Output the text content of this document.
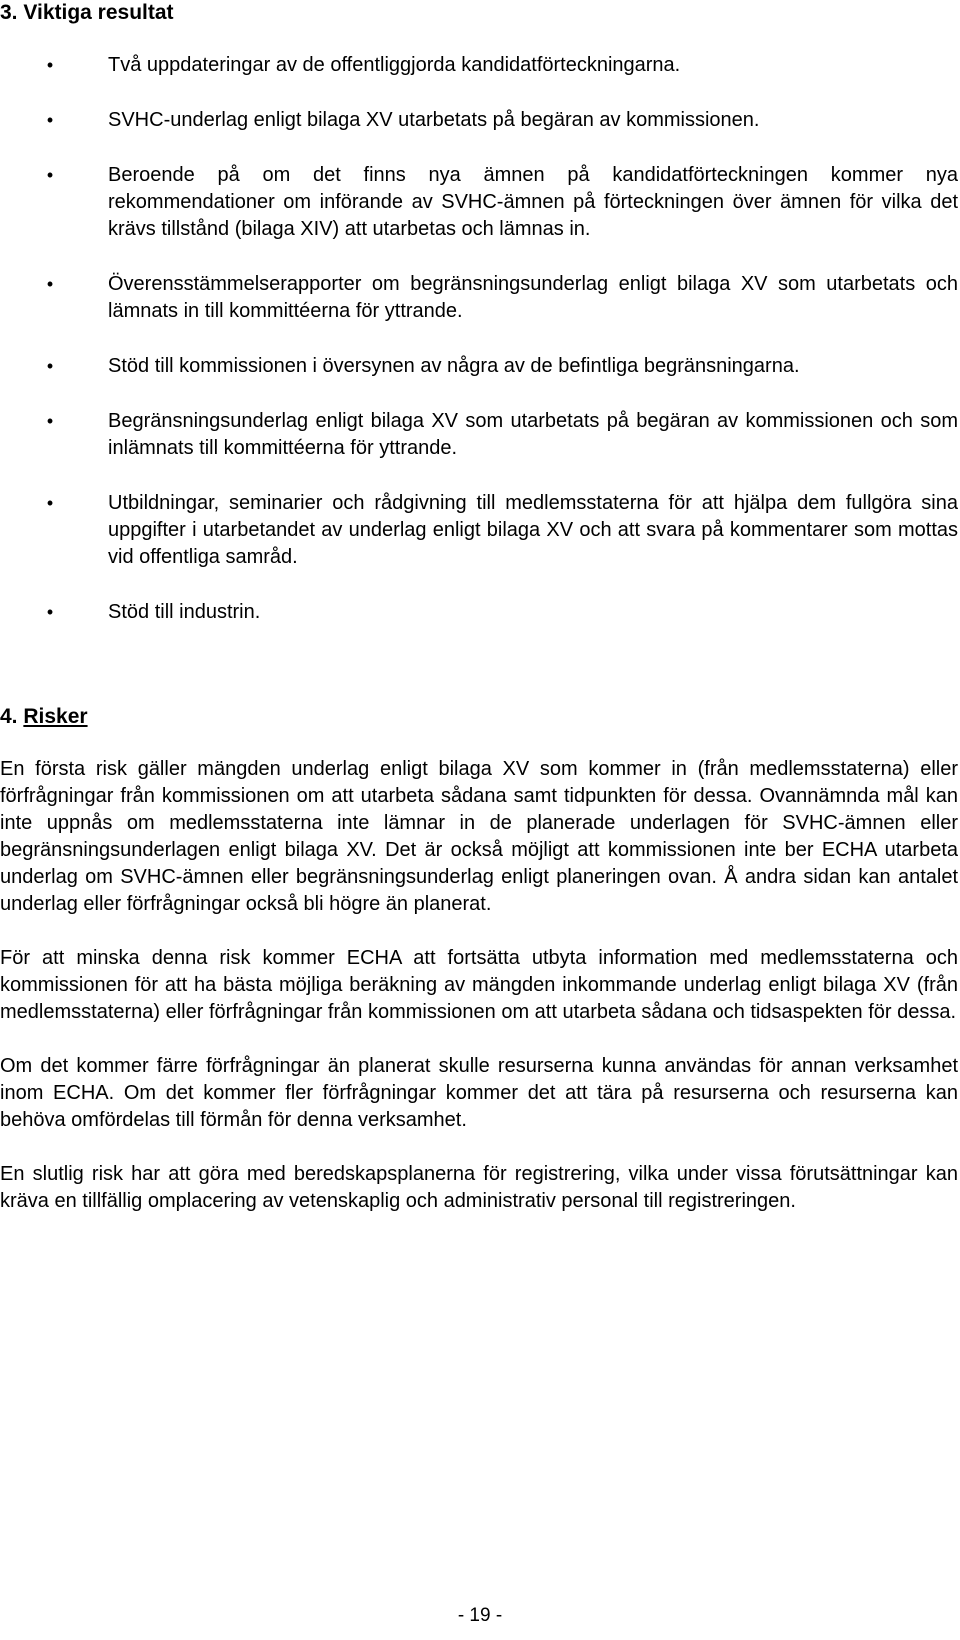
3. Viktiga resultat
•	Två uppdateringar av de offentliggjorda kandidatförteckningarna.
•	SVHC-underlag enligt bilaga XV utarbetats på begäran av kommissionen.
•	Beroende på om det finns nya ämnen på kandidatförteckningen kommer nya rekommendationer om införande av SVHC-ämnen på förteckningen över ämnen för vilka det krävs tillstånd (bilaga XIV) att utarbetas och lämnas in.
•	Överensstämmelserapporter om begränsningsunderlag enligt bilaga XV som utarbetats och lämnats in till kommittéerna för yttrande.
•	Stöd till kommissionen i översynen av några av de befintliga begränsningarna.
•	Begränsningsunderlag enligt bilaga XV som utarbetats på begäran av kommissionen och som inlämnats till kommittéerna för yttrande.
•	Utbildningar, seminarier och rådgivning till medlemsstaterna för att hjälpa dem fullgöra sina uppgifter i utarbetandet av underlag enligt bilaga XV och att svara på kommentarer som mottas vid offentliga samråd.
•	Stöd till industrin.
4. Risker

En första risk gäller mängden underlag enligt bilaga XV som kommer in (från medlemsstaterna) eller förfrågningar från kommissionen om att utarbeta sådana samt tidpunkten för dessa. Ovannämnda mål kan inte uppnås om medlemsstaterna inte lämnar in de planerade underlagen för SVHC-ämnen eller begränsningsunderlagen enligt bilaga XV. Det är också möjligt att kommissionen inte ber ECHA utarbeta underlag om SVHC-ämnen eller begränsningsunderlag enligt planeringen ovan. Å andra sidan kan antalet underlag eller förfrågningar också bli högre än planerat.

För att minska denna risk kommer ECHA att fortsätta utbyta information med medlemsstaterna och kommissionen för att ha bästa möjliga beräkning av mängden inkommande underlag enligt bilaga XV (från medlemsstaterna) eller förfrågningar från kommissionen om att utarbeta sådana och tidsaspekten för dessa.

Om det kommer färre förfrågningar än planerat skulle resurserna kunna användas för annan verksamhet inom ECHA. Om det kommer fler förfrågningar kommer det att tära på resurserna och resurserna kan behöva omfördelas till förmån för denna verksamhet.

En slutlig risk har att göra med beredskapsplanerna för registrering, vilka under vissa förutsättningar kan kräva en tillfällig omplacering av vetenskaplig och administrativ personal till registreringen.

- 19 -
